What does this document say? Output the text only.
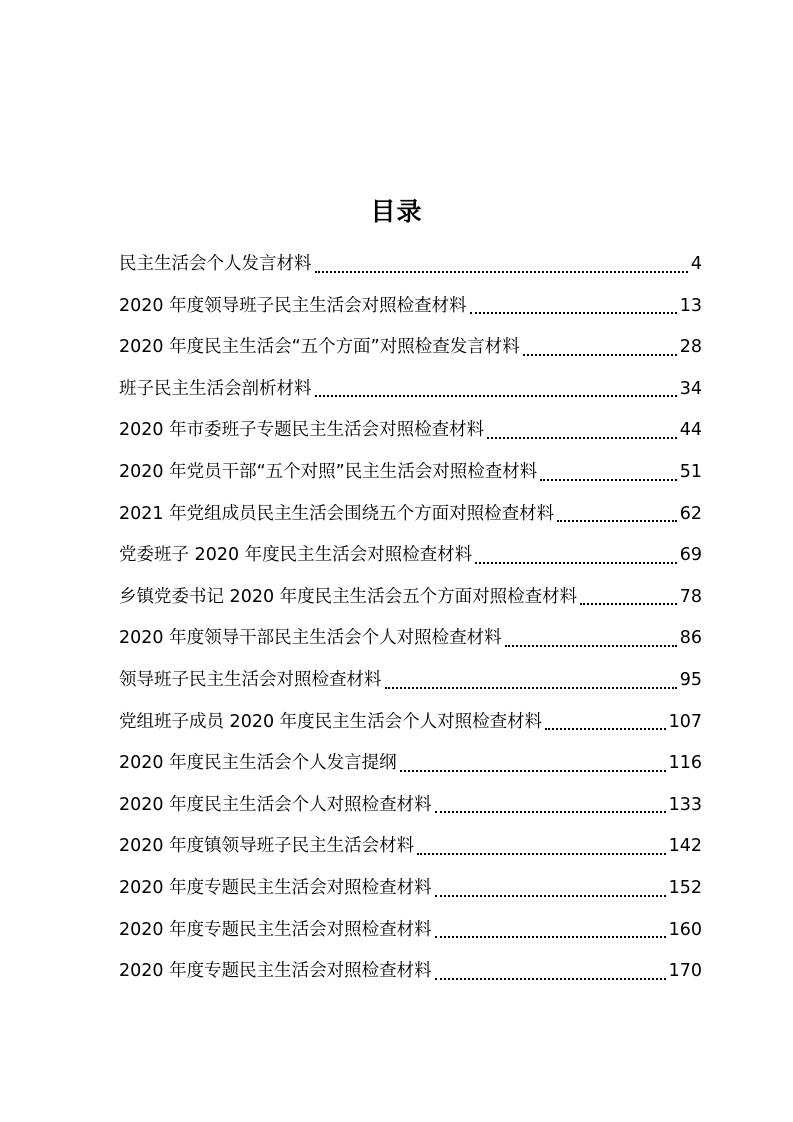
目录
民主生活会个人发言材料	4
2020 年度领导班子民主生活会对照检查材料	13
2020 年度民主生活会“五个方面”对照检查发言材料	28
班子民主生活会剖析材料	34
2020 年市委班子专题民主生活会对照检查材料	44
2020 年党员干部“五个对照”民主生活会对照检查材料	51
2021 年党组成员民主生活会围绕五个方面对照检查材料	62
党委班子 2020 年度民主生活会对照检查材料	69
乡镇党委书记 2020 年度民主生活会五个方面对照检查材料	78
2020 年度领导干部民主生活会个人对照检查材料	86
领导班子民主生活会对照检查材料	95
党组班子成员 2020 年度民主生活会个人对照检查材料	107
2020 年度民主生活会个人发言提纲	116
2020 年度民主生活会个人对照检查材料	133
2020 年度镇领导班子民主生活会材料	142
2020 年度专题民主生活会对照检查材料	152
2020 年度专题民主生活会对照检查材料	160
2020 年度专题民主生活会对照检查材料	170
